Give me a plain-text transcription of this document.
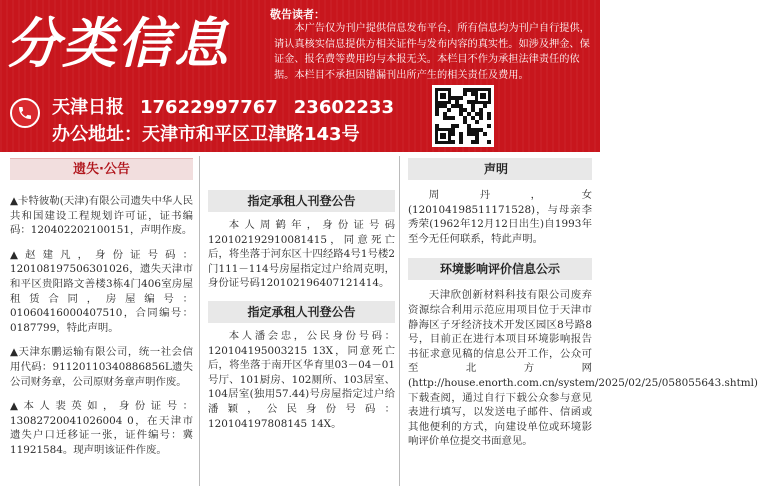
分类信息	敬告读者：
本广告仅为刊户提供信息发布平台，所有信息均为刊户自行提供，请认真核实信息提供方相关证件与发布内容的真实性。如涉及押金、保证金、报名费等费用均与本报无关。本栏目不作为承担法律责任的依据。本栏目不承担因错漏刊出所产生的相关责任及费用。
天津日报 17622997767 23602233
办公地址：天津市和平区卫津路143号
遗失·公告
▲卡特彼勒(天津)有限公司遗失中华人民共和国建设工程规划许可证，证书编码：120402202100151，声明作废。
▲赵建凡，身份证号码：120108197506301026，遗失天津市和平区贵阳路文善楼3栋4门406室房屋租赁合同，房屋编号：01060416000407510，合同编号：0187799，特此声明。
▲天津东鹏运输有限公司，统一社会信用代码：91120110340886856L遗失公司财务章，公司原财务章声明作废。
▲本人裴英如，身份证号：13082720041026004 0，在天津市遗失户口迁移证一张，证件编号：冀11921584。现声明该证件作废。
指定承租人刊登公告
本人周鹤年，身份证号码120102192910081415，同意死亡后，将坐落于河东区十四经路4号1号楼2门111－114号房屋指定过户给周克明，身份证号码120102196407121414。
指定承租人刊登公告
本人潘会忠，公民身份号码：120104195003215 13X，同意死亡后，将坐落于南开区华育里03－04－01号厅、101厨房、102厕所、103居室、104居室(独用57.44)号房屋指定过户给潘颖，公民身份号码：120104197808145 14X。
声明
周丹，女(120104198511171528)，与母亲李秀荣(1962年12月12日出生)自1993年至今无任何联系，特此声明。
环境影响评价信息公示
天津欣创新材料科技有限公司废弃资源综合利用示范应用项目位于天津市静海区子牙经济技术开发区园区8号路8号，目前正在进行本项目环境影响报告书征求意见稿的信息公开工作，公众可至北方网(http://house.enorth.com.cn/system/2025/02/25/058055643.shtml)下载查阅，通过自行下载公众参与意见表进行填写，以发送电子邮件、信函或其他便利的方式，向建设单位或环境影响评价单位提交书面意见。
